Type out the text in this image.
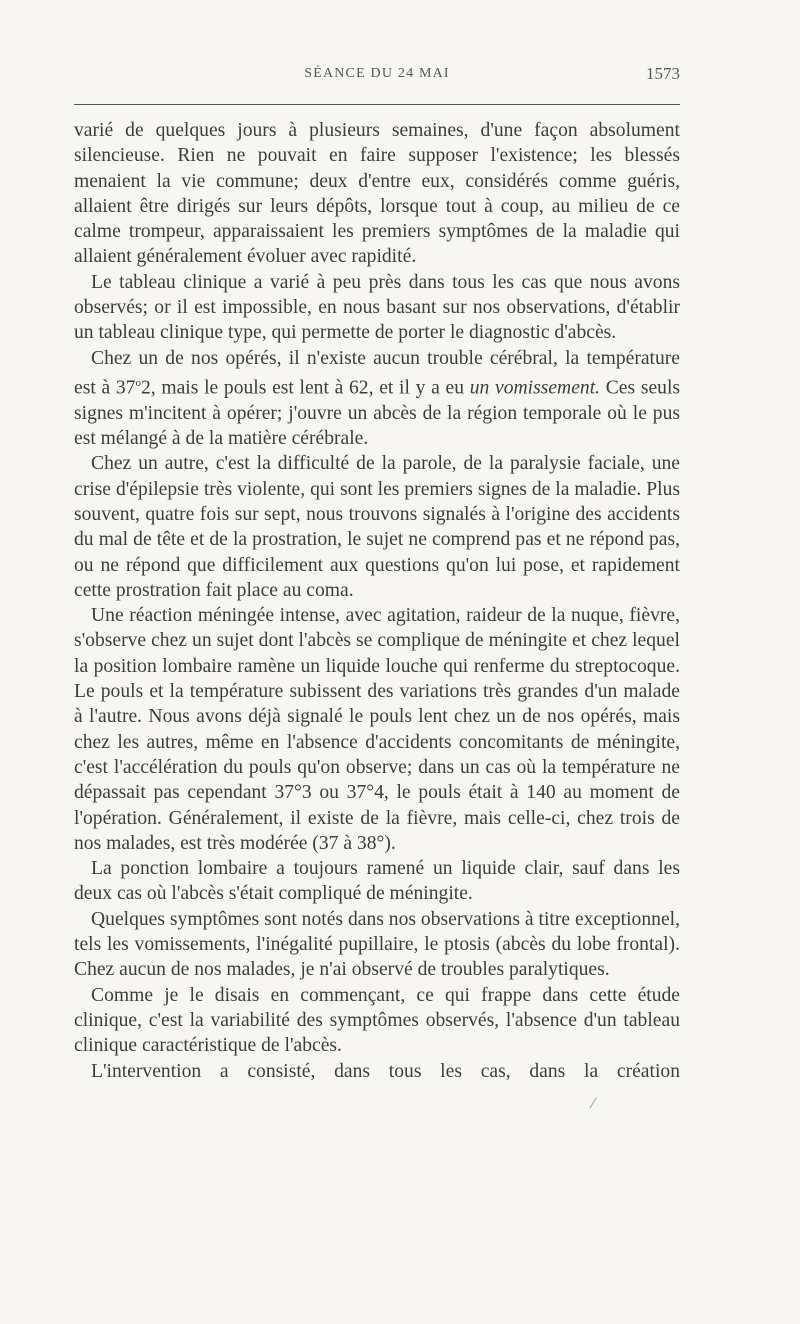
SÉANCE DU 24 MAI	1573

varié de quelques jours à plusieurs semaines, d'une façon absolument silencieuse. Rien ne pouvait en faire supposer l'existence; les blessés menaient la vie commune; deux d'entre eux, considérés comme guéris, allaient être dirigés sur leurs dépôts, lorsque tout à coup, au milieu de ce calme trompeur, apparaissaient les premiers symptômes de la maladie qui allaient généralement évoluer avec rapidité.

Le tableau clinique a varié à peu près dans tous les cas que nous avons observés; or il est impossible, en nous basant sur nos observations, d'établir un tableau clinique type, qui permette de porter le diagnostic d'abcès.

Chez un de nos opérés, il n'existe aucun trouble cérébral, la température est à 37$^o$2, mais le pouls est lent à 62, et il y a eu un vomissement. Ces seuls signes m'incitent à opérer; j'ouvre un abcès de la région temporale où le pus est mélangé à de la matière cérébrale.

Chez un autre, c'est la difficulté de la parole, de la paralysie faciale, une crise d'épilepsie très violente, qui sont les premiers signes de la maladie. Plus souvent, quatre fois sur sept, nous trouvons signalés à l'origine des accidents du mal de tête et de la prostration, le sujet ne comprend pas et ne répond pas, ou ne répond que difficilement aux questions qu'on lui pose, et rapidement cette prostration fait place au coma.

Une réaction méningée intense, avec agitation, raideur de la nuque, fièvre, s'observe chez un sujet dont l'abcès se complique de méningite et chez lequel la position lombaire ramène un liquide louche qui renferme du streptocoque. Le pouls et la température subissent des variations très grandes d'un malade à l'autre. Nous avons déjà signalé le pouls lent chez un de nos opérés, mais chez les autres, même en l'absence d'accidents concomitants de méningite, c'est l'accélération du pouls qu'on observe; dans un cas où la température ne dépassait pas cependant 37°3 ou 37°4, le pouls était à 140 au moment de l'opération. Généralement, il existe de la fièvre, mais celle-ci, chez trois de nos malades, est très modérée (37 à 38°).

La ponction lombaire a toujours ramené un liquide clair, sauf dans les deux cas où l'abcès s'était compliqué de méningite.

Quelques symptômes sont notés dans nos observations à titre exceptionnel, tels les vomissements, l'inégalité pupillaire, le ptosis (abcès du lobe frontal). Chez aucun de nos malades, je n'ai observé de troubles paralytiques.

Comme je le disais en commençant, ce qui frappe dans cette étude clinique, c'est la variabilité des symptômes observés, l'absence d'un tableau clinique caractéristique de l'abcès.

L'intervention a consisté, dans tous les cas, dans la création

⁄
